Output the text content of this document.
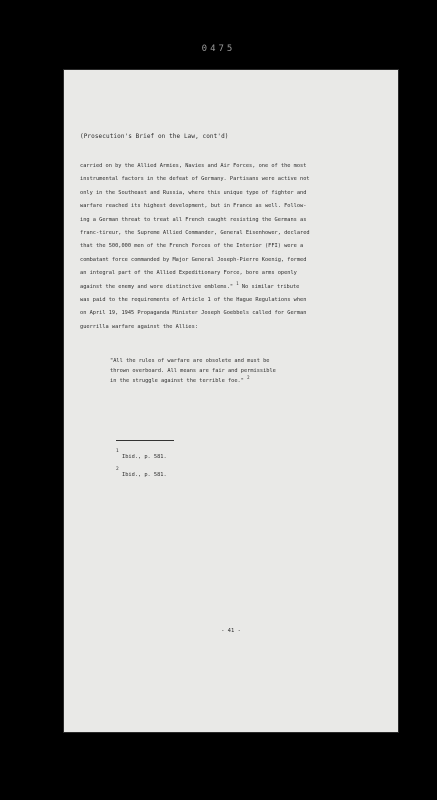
0475
(Prosecution's Brief on the Law, cont'd)
carried on by the Allied Armies, Navies and Air Forces, one of the most
instrumental factors in the defeat of Germany. Partisans were active not
only in the Southeast and Russia, where this unique type of fighter and
warfare reached its highest development, but in France as well. Follow-
ing a German threat to treat all French caught resisting the Germans as
franc-tireur, the Supreme Allied Commander, General Eisenhower, declared
that the 500,000 men of the French Forces of the Interior (FFI) were a
combatant force commanded by Major General Joseph-Pierre Koenig, formed
an integral part of the Allied Expeditionary Force, bore arms openly
against the enemy and wore distinctive emblems." $^1$ No similar tribute
was paid to the requirements of Article 1 of the Hague Regulations when
on April 19, 1945 Propaganda Minister Joseph Goebbels called for German
guerrilla warfare against the Allies:
"All the rules of warfare are obsolete and must be
thrown overboard. All means are fair and permissible
in the struggle against the terrible foe." $^2$
1
Ibid., p. 581.
2
Ibid., p. 581.
- 41 -
